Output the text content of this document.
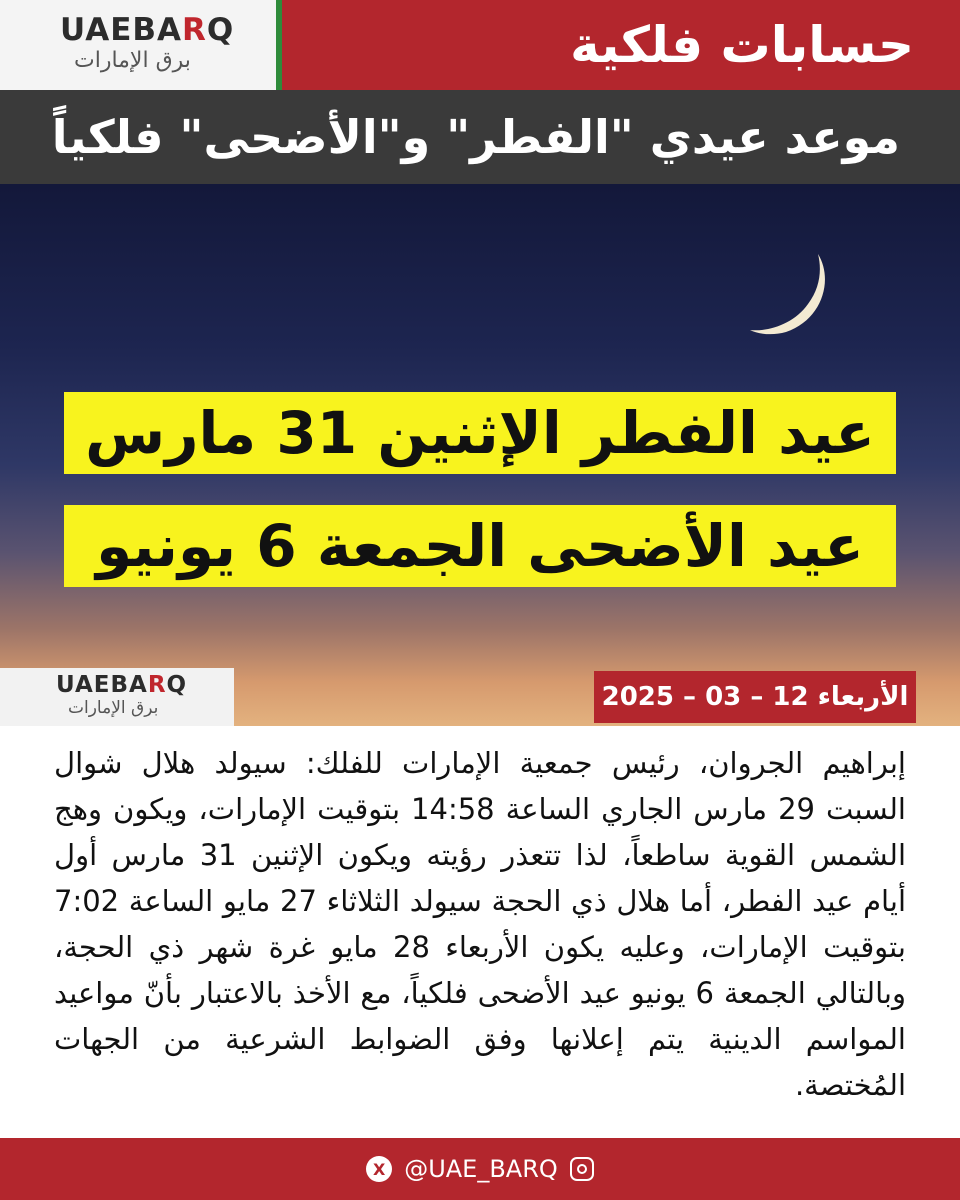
UAEBARQ
برق الإمارات	حسابات فلكية
موعد عيدي "الفطر" و"الأضحى" فلكياً
عيد الفطر الإثنين 31 مارس
عيد الأضحى الجمعة 6 يونيو
UAEBARQ
برق الإمارات	الأربعاء 12 – 03 – 2025
إبراهيم الجروان، رئيس جمعية الإمارات للفلك: سيولد هلال شوال السبت 29 مارس الجاري الساعة 14:58 بتوقيت الإمارات، ويكون وهج الشمس القوية ساطعاً، لذا تتعذر رؤيته ويكون الإثنين 31 مارس أول أيام عيد الفطر، أما هلال ذي الحجة سيولد الثلاثاء 27 مايو الساعة 7:02 بتوقيت الإمارات، وعليه يكون الأربعاء 28 مايو غرة شهر ذي الحجة، وبالتالي الجمعة 6 يونيو عيد الأضحى فلكياً، مع الأخذ بالاعتبار بأنّ مواعيد المواسم الدينية يتم إعلانها وفق الضوابط الشرعية من الجهات المُختصة.
X @UAE_BARQ
